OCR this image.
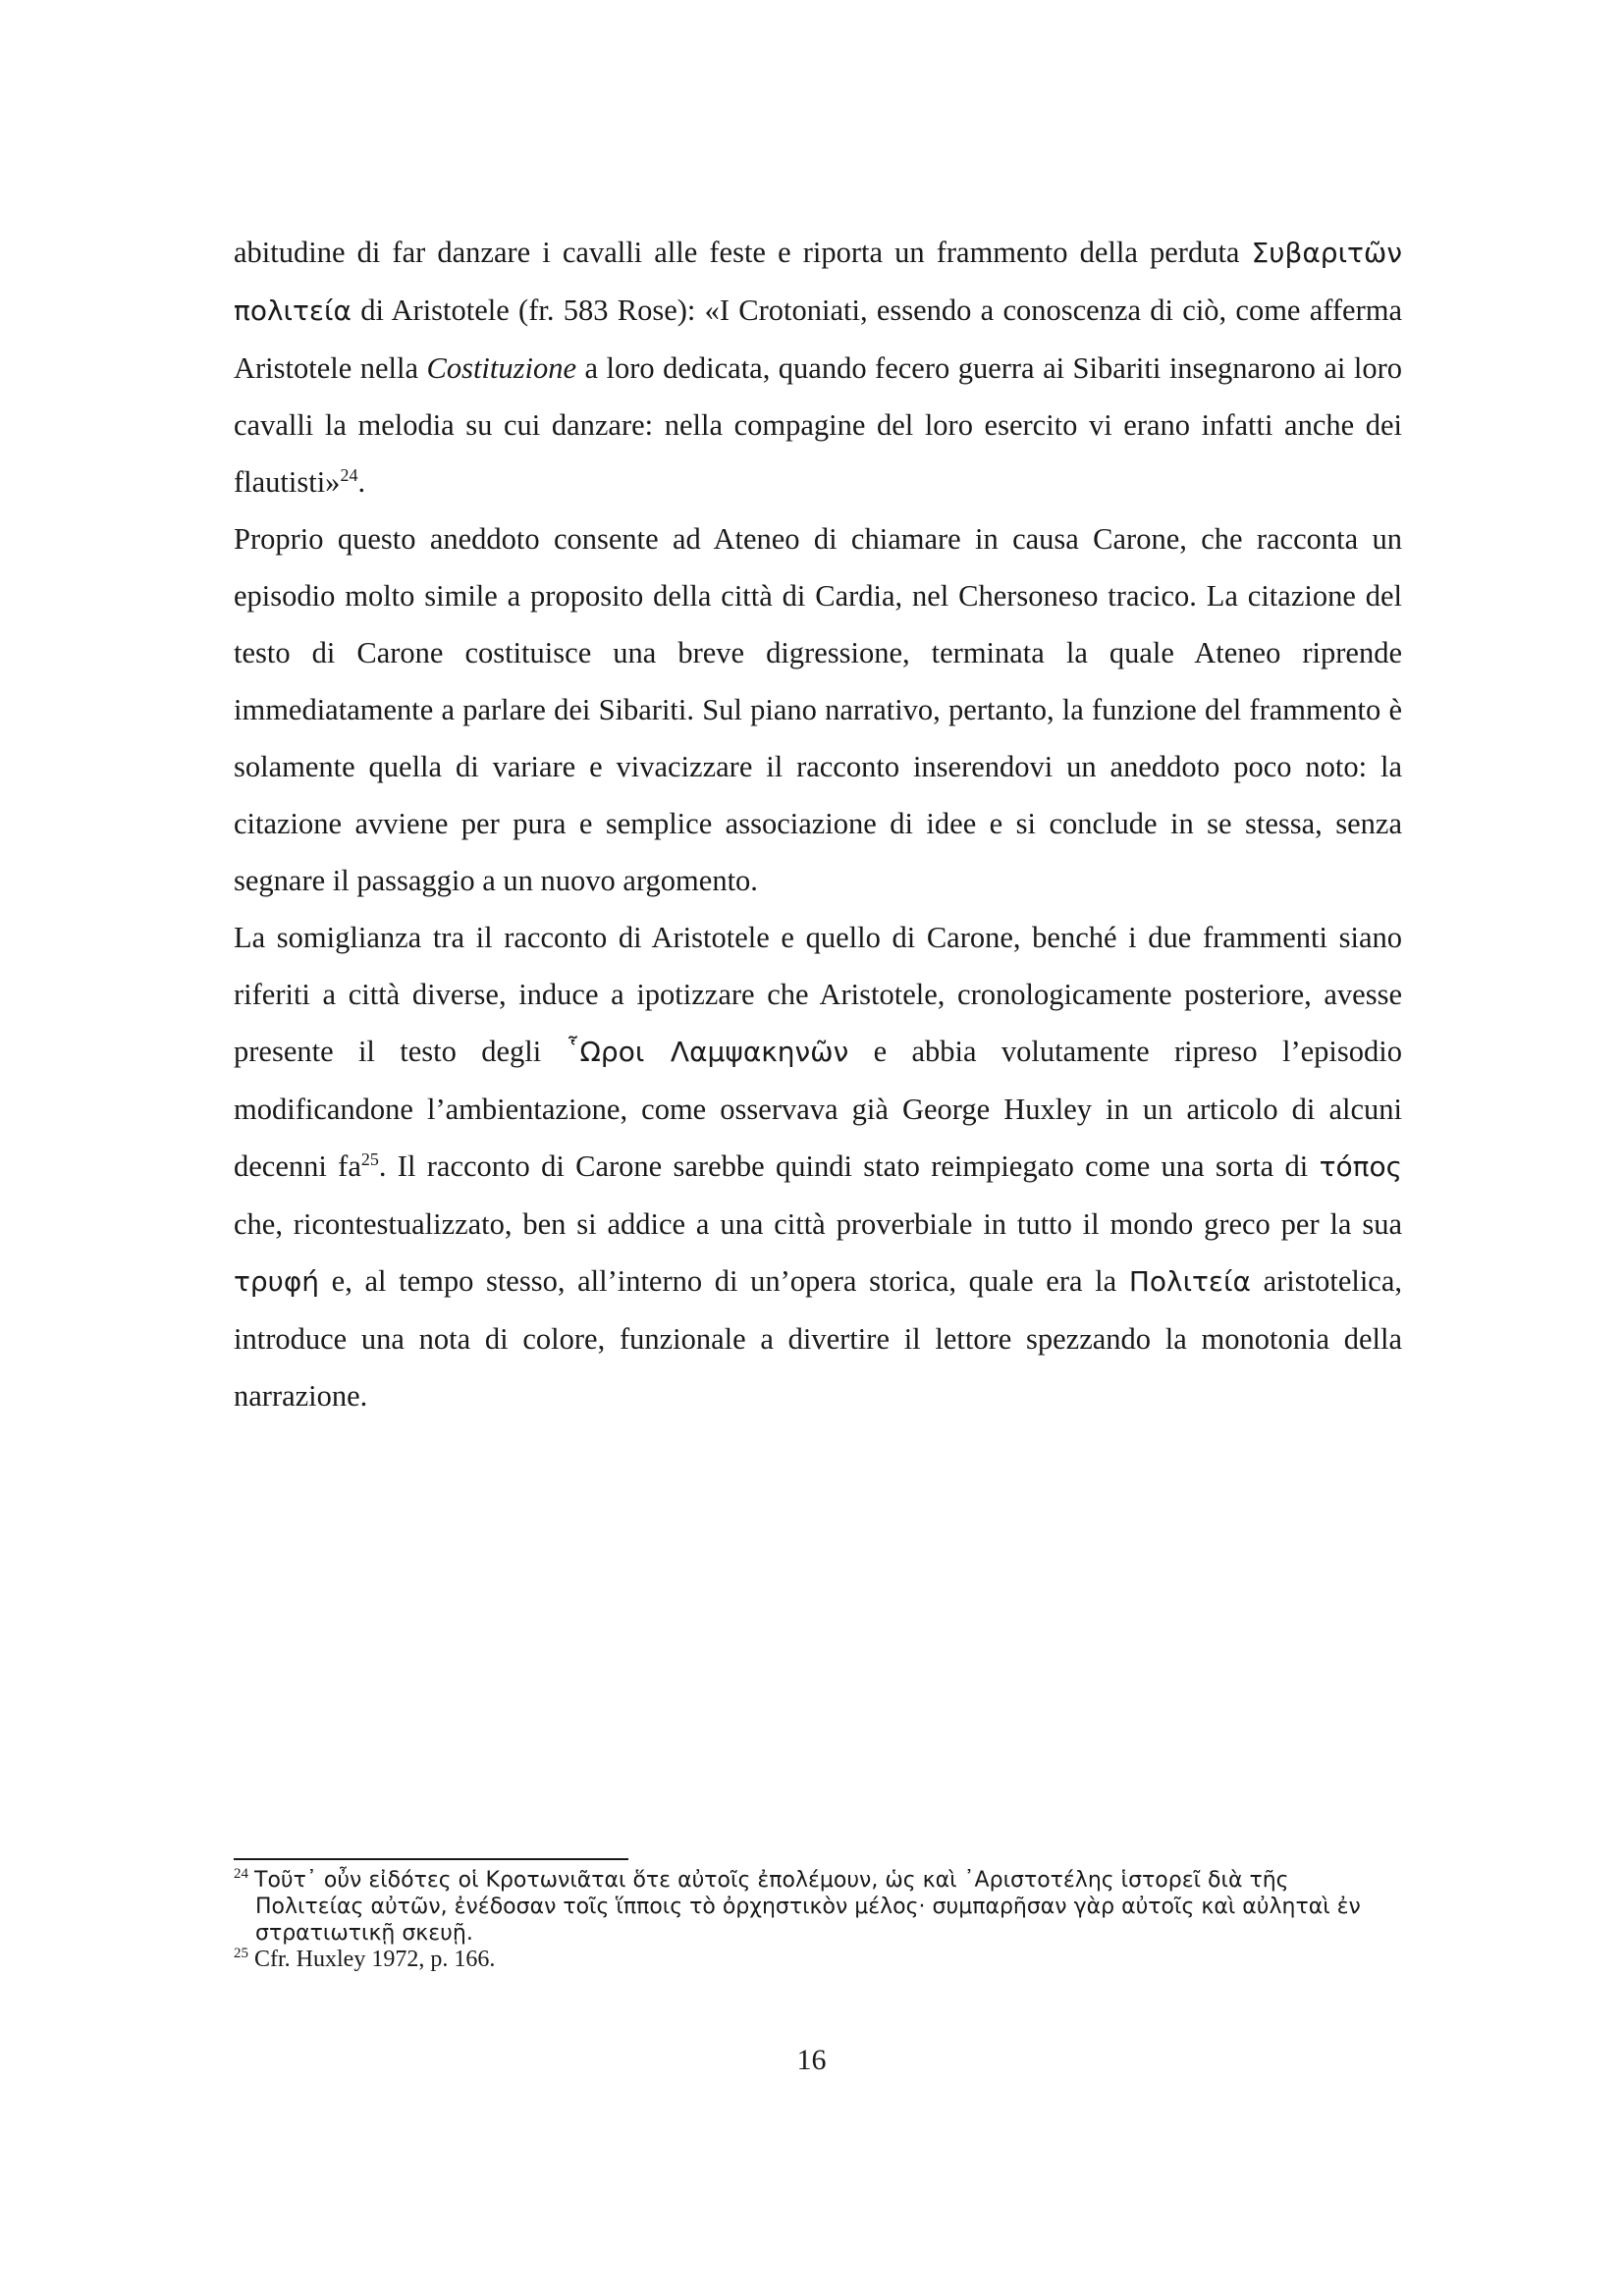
abitudine di far danzare i cavalli alle feste e riporta un frammento della perduta Συβαριτῶν πολιτεία di Aristotele (fr. 583 Rose): «I Crotoniati, essendo a conoscenza di ciò, come afferma Aristotele nella Costituzione a loro dedicata, quando fecero guerra ai Sibariti insegnarono ai loro cavalli la melodia su cui danzare: nella compagine del loro esercito vi erano infatti anche dei flautisti»$^{24}$.

Proprio questo aneddoto consente ad Ateneo di chiamare in causa Carone, che racconta un episodio molto simile a proposito della città di Cardia, nel Chersoneso tracico. La citazione del testo di Carone costituisce una breve digressione, terminata la quale Ateneo riprende immediatamente a parlare dei Sibariti. Sul piano narrativo, pertanto, la funzione del frammento è solamente quella di variare e vivacizzare il racconto inserendovi un aneddoto poco noto: la citazione avviene per pura e semplice associazione di idee e si conclude in se stessa, senza segnare il passaggio a un nuovo argomento.

La somiglianza tra il racconto di Aristotele e quello di Carone, benché i due frammenti siano riferiti a città diverse, induce a ipotizzare che Aristotele, cronologicamente posteriore, avesse presente il testo degli ῟Ωροι Λαμψακηνῶν e abbia volutamente ripreso l’episodio modificandone l’ambientazione, come osservava già George Huxley in un articolo di alcuni decenni fa$^{25}$. Il racconto di Carone sarebbe quindi stato reimpiegato come una sorta di τόπος che, ricontestualizzato, ben si addice a una città proverbiale in tutto il mondo greco per la sua τρυφή e, al tempo stesso, all’interno di un’opera storica, quale era la Πολιτεία aristotelica, introduce una nota di colore, funzionale a divertire il lettore spezzando la monotonia della narrazione.

$^{24}$ Τοῦτ᾽ οὖν εἰδότες οἱ Κροτωνιᾶται ὅτε αὐτοῖς ἐπολέμουν, ὡς καὶ ᾿Αριστοτέλης ἱστορεῖ διὰ τῆς Πολιτείας αὐτῶν, ἐνέδοσαν τοῖς ἵπποις τὸ ὀρχηστικὸν μέλος· συμπαρῆσαν γὰρ αὐτοῖς καὶ αὐληταὶ ἐν στρατιωτικῇ σκευῇ.

$^{25}$ Cfr. Huxley 1972, p. 166.

16
